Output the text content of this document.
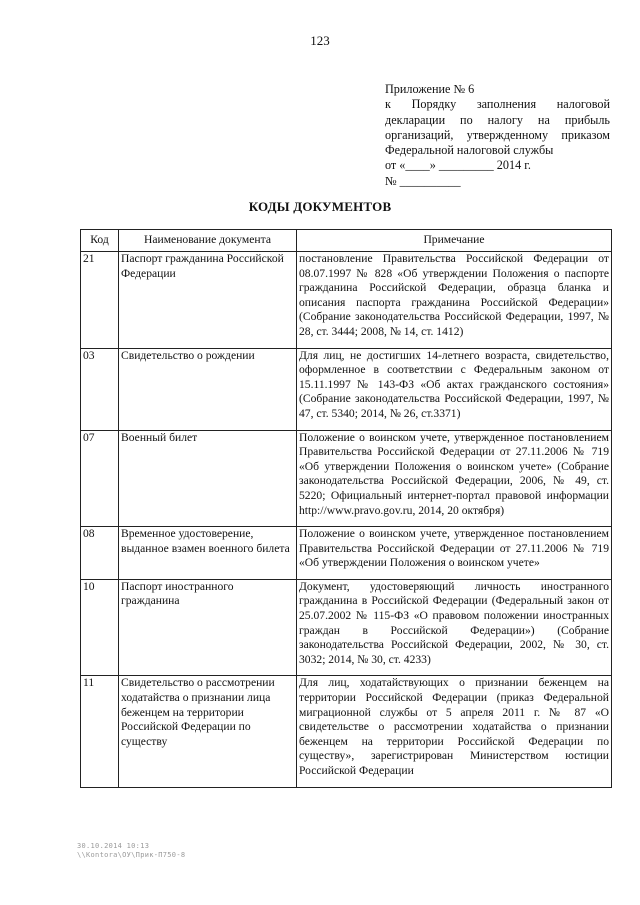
123
Приложение № 6
к Порядку заполнения налоговой
декларации по налогу на прибыль
организаций, утвержденному приказом
Федеральной налоговой службы
от «____» _________ 2014 г.
№ __________
КОДЫ ДОКУМЕНТОВ
Код	Наименование документа	Примечание
21	Паспорт гражданина Российской Федерации	постановление Правительства Российской Федерации от 08.07.1997 № 828 «Об утверждении Положения о паспорте гражданина Российской Федерации, образца бланка и описания паспорта гражданина Российской Федерации» (Собрание законодательства Российской Федерации, 1997, № 28, ст. 3444; 2008, № 14, ст. 1412)
03	Свидетельство о рождении	Для лиц, не достигших 14-летнего возраста, свидетельство, оформленное в соответствии с Федеральным законом от 15.11.1997 № 143-ФЗ «Об актах гражданского состояния» (Собрание законодательства Российской Федерации, 1997, № 47, ст. 5340; 2014, № 26, ст.3371)
07	Военный билет	Положение о воинском учете, утвержденное постановлением Правительства Российской Федерации от 27.11.2006 № 719 «Об утверждении Положения о воинском учете» (Собрание законодательства Российской Федерации, 2006, № 49, ст. 5220; Официальный интернет-портал правовой информации http://www.pravo.gov.ru, 2014, 20 октября)
08	Временное удостоверение, выданное взамен военного билета	Положение о воинском учете, утвержденное постановлением Правительства Российской Федерации от 27.11.2006 № 719 «Об утверждении Положения о воинском учете»
10	Паспорт иностранного гражданина	Документ, удостоверяющий личность иностранного гражданина в Российской Федерации (Федеральный закон от 25.07.2002 № 115-ФЗ «О правовом положении иностранных граждан в Российской Федерации») (Собрание законодательства Российской Федерации, 2002, № 30, ст. 3032; 2014, № 30, ст. 4233)
11	Свидетельство о рассмотрении ходатайства о признании лица беженцем на территории Российской Федерации по существу	Для лиц, ходатайствующих о признании беженцем на территории Российской Федерации (приказ Федеральной миграционной службы от 5 апреля 2011 г. № 87 «О свидетельстве о рассмотрении ходатайства о признании беженцем на территории Российской Федерации по существу», зарегистрирован Министерством юстиции Российской Федерации
30.10.2014 10:13
\\Kontora\ОУ\Прик-П750-8
